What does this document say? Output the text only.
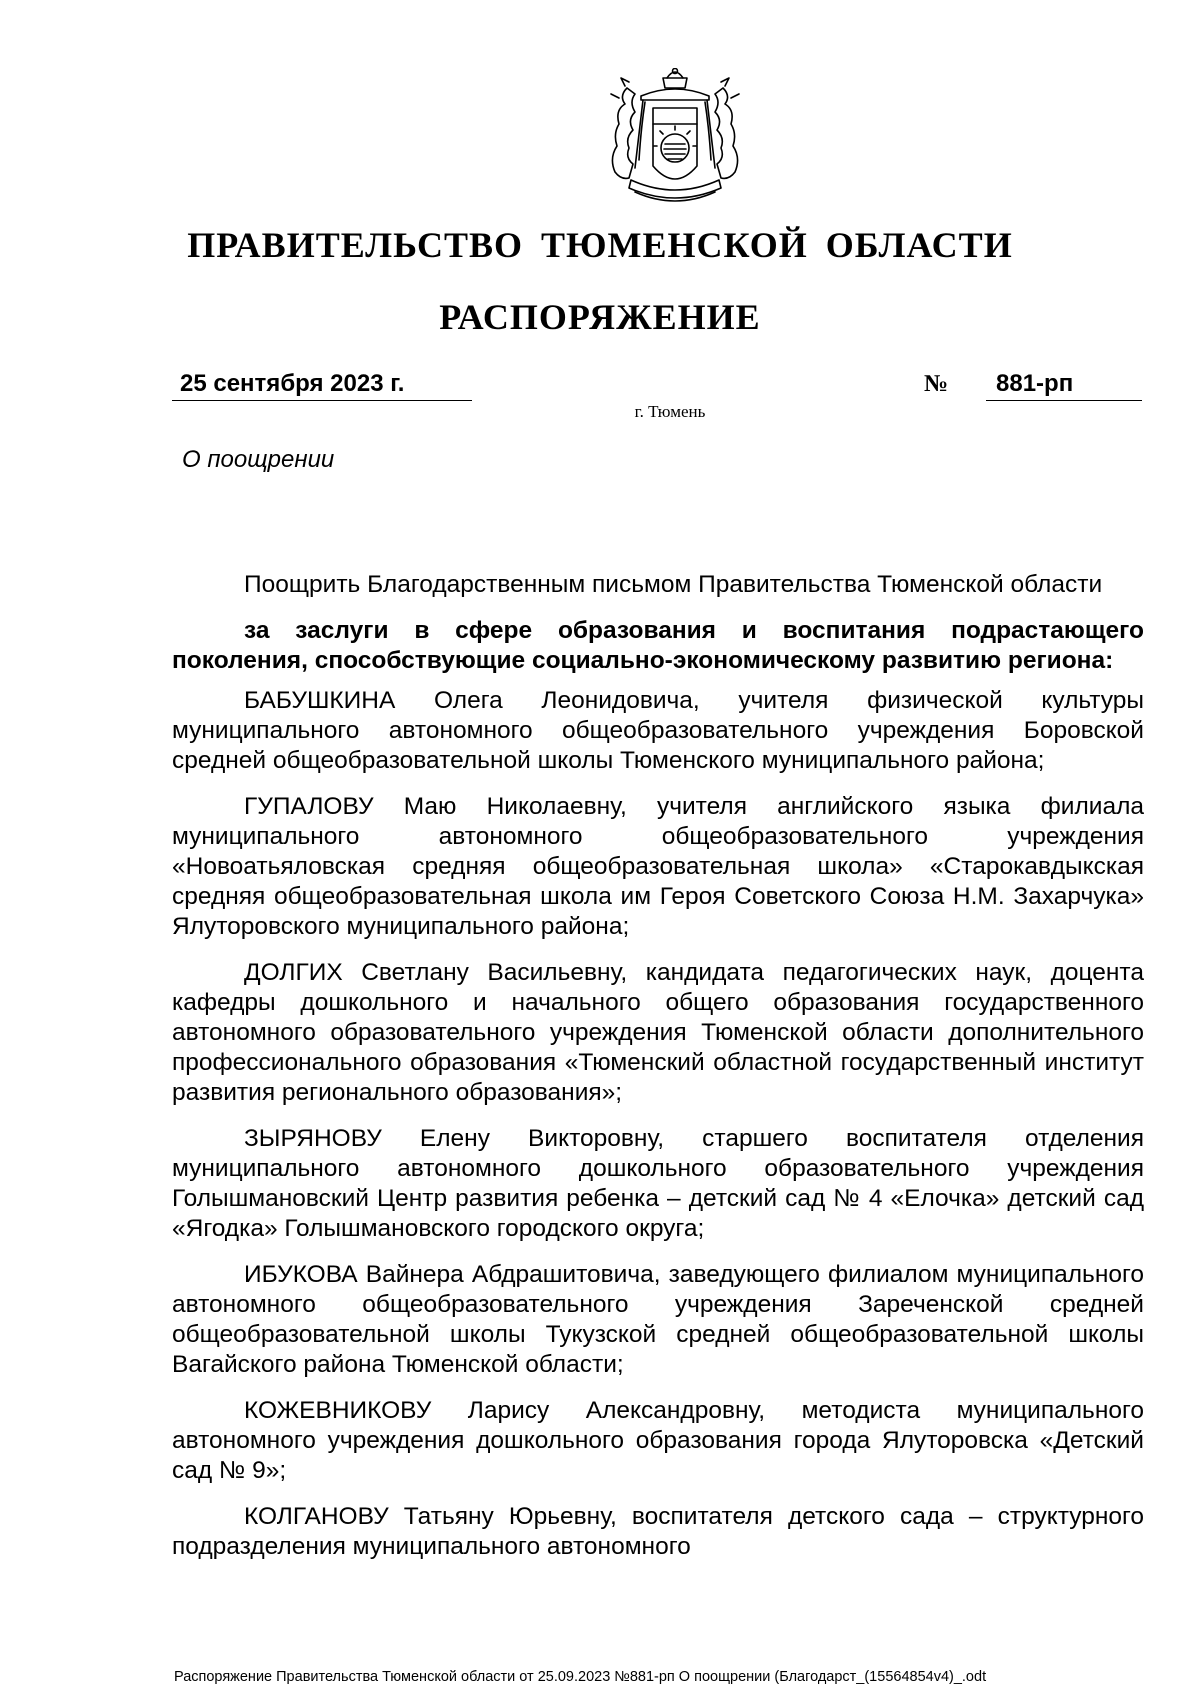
ПРАВИТЕЛЬСТВО ТЮМЕНСКОЙ ОБЛАСТИ
РАСПОРЯЖЕНИЕ
25 сентября 2023 г.	№	881-рп
г. Тюмень
О поощрении

Поощрить Благодарственным письмом Правительства Тюменской области

за заслуги в сфере образования и воспитания подрастающего поколения, способствующие социально-экономическому развитию региона:

БАБУШКИНА Олега Леонидовича, учителя физической культуры муниципального автономного общеобразовательного учреждения Боровской средней общеобразовательной школы Тюменского муниципального района;

ГУПАЛОВУ Маю Николаевну, учителя английского языка филиала муниципального автономного общеобразовательного учреждения «Новоатьяловская средняя общеобразовательная школа» «Старокавдыкская средняя общеобразовательная школа им Героя Советского Союза Н.М. Захарчука» Ялуторовского муниципального района;

ДОЛГИХ Светлану Васильевну, кандидата педагогических наук, доцента кафедры дошкольного и начального общего образования государственного автономного образовательного учреждения Тюменской области дополнительного профессионального образования «Тюменский областной государственный институт развития регионального образования»;

ЗЫРЯНОВУ Елену Викторовну, старшего воспитателя отделения муниципального автономного дошкольного образовательного учреждения Голышмановский Центр развития ребенка – детский сад № 4 «Елочка» детский сад «Ягодка» Голышмановского городского округа;

ИБУКОВА Вайнера Абдрашитовича, заведующего филиалом муниципального автономного общеобразовательного учреждения Зареченской средней общеобразовательной школы Тукузской средней общеобразовательной школы Вагайского района Тюменской области;

КОЖЕВНИКОВУ Ларису Александровну, методиста муниципального автономного учреждения дошкольного образования города Ялуторовска «Детский сад № 9»;

КОЛГАНОВУ Татьяну Юрьевну, воспитателя детского сада – структурного подразделения муниципального автономного

Распоряжение Правительства Тюменской области от 25.09.2023 №881-рп О поощрении (Благодарст_(15564854v4)_.odt
